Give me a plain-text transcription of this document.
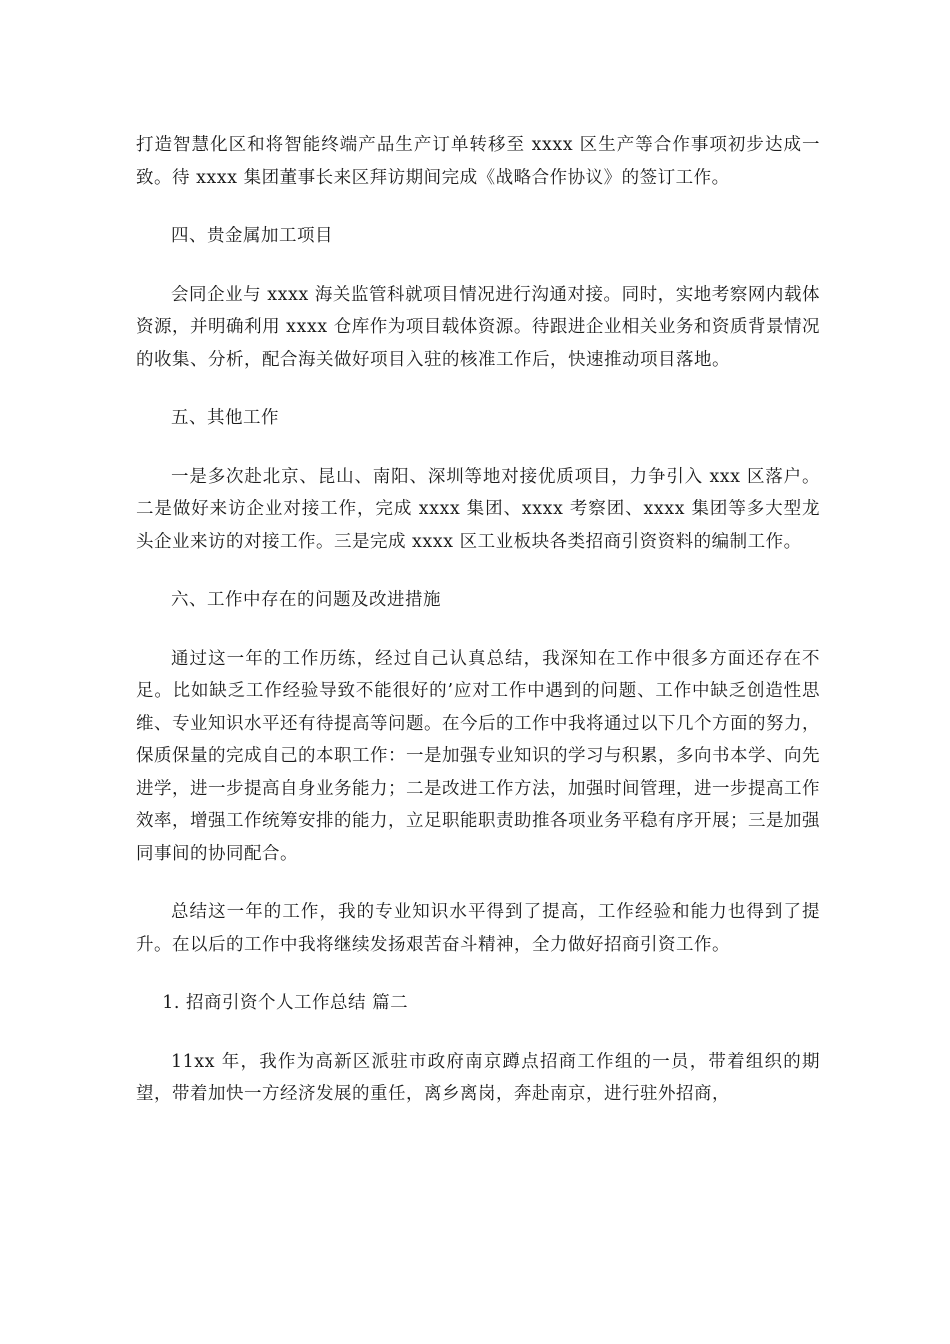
打造智慧化区和将智能终端产品生产订单转移至 xxxx 区生产等合作事项初步达成一致。待 xxxx 集团董事长来区拜访期间完成《战略合作协议》的签订工作。

四、贵金属加工项目

会同企业与 xxxx 海关监管科就项目情况进行沟通对接。同时，实地考察网内载体资源，并明确利用 xxxx 仓库作为项目载体资源。待跟进企业相关业务和资质背景情况的收集、分析，配合海关做好项目入驻的核准工作后，快速推动项目落地。

五、其他工作

一是多次赴北京、昆山、南阳、深圳等地对接优质项目，力争引入 xxx 区落户。二是做好来访企业对接工作，完成 xxxx 集团、xxxx 考察团、xxxx 集团等多大型龙头企业来访的对接工作。三是完成 xxxx 区工业板块各类招商引资资料的编制工作。

六、工作中存在的问题及改进措施

通过这一年的工作历练，经过自己认真总结，我深知在工作中很多方面还存在不足。比如缺乏工作经验导致不能很好的’应对工作中遇到的问题、工作中缺乏创造性思维、专业知识水平还有待提高等问题。在今后的工作中我将通过以下几个方面的努力，保质保量的完成自己的本职工作：一是加强专业知识的学习与积累，多向书本学、向先进学，进一步提高自身业务能力；二是改进工作方法，加强时间管理，进一步提高工作效率，增强工作统筹安排的能力，立足职能职责助推各项业务平稳有序开展；三是加强同事间的协同配合。

总结这一年的工作，我的专业知识水平得到了提高，工作经验和能力也得到了提升。在以后的工作中我将继续发扬艰苦奋斗精神，全力做好招商引资工作。

1. 招商引资个人工作总结 篇二

11xx 年，我作为高新区派驻市政府南京蹲点招商工作组的一员，带着组织的期望，带着加快一方经济发展的重任，离乡离岗，奔赴南京，进行驻外招商，
